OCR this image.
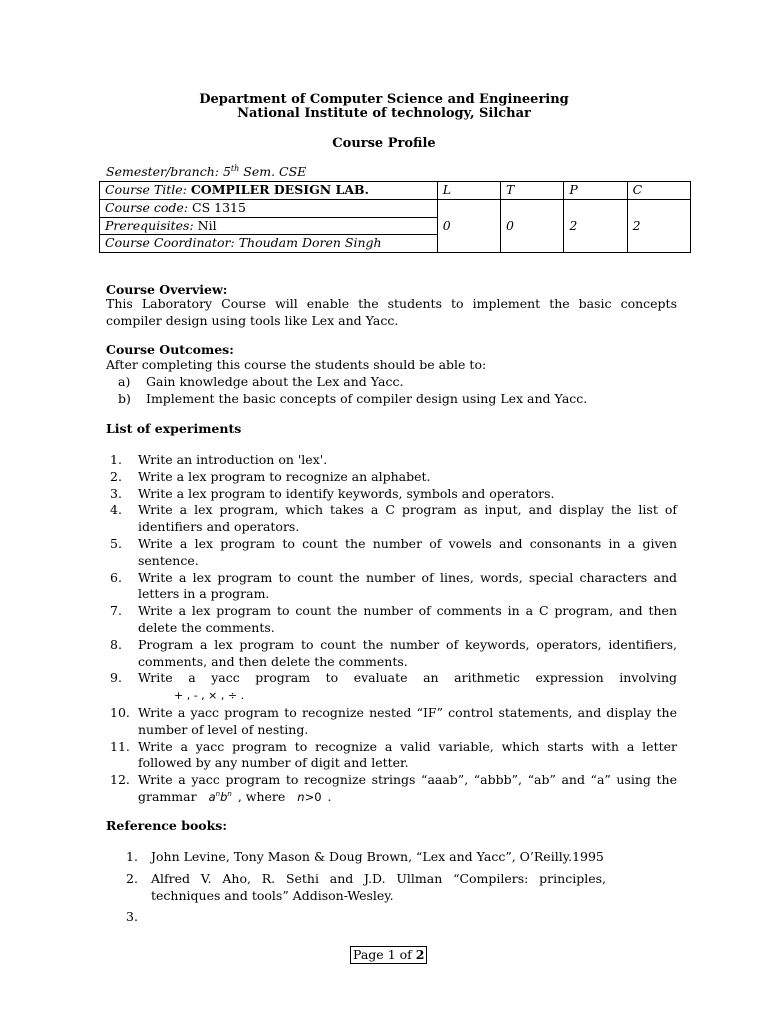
Department of Computer Science and Engineering
National Institute of technology, Silchar
Course Profile
Semester/branch: 5th Sem. CSE
Course Title: COMPILER DESIGN LAB.	L	T	P	C
Course code: CS 1315	0	0	2	2
Prerequisites: Nil				
Course Coordinator: Thoudam Doren Singh				
Course Overview:
This Laboratory Course will enable the students to implement the basic concepts compiler design using tools like Lex and Yacc.
Course Outcomes:
After completing this course the students should be able to:
a) Gain knowledge about the Lex and Yacc.
b) Implement the basic concepts of compiler design using Lex and Yacc.
List of experiments
1.	Write an introduction on 'lex'.
2.	Write a lex program to recognize an alphabet.
3.	Write a lex program to identify keywords, symbols and operators.
4.	Write a lex program, which takes a C program as input, and display the list of identifiers and operators.
5.	Write a lex program to count the number of vowels and consonants in a given sentence.
6.	Write a lex program to count the number of lines, words, special characters and letters in a program.
7.	Write a lex program to count the number of comments in a C program, and then delete the comments.
8.	Program a lex program to count the number of keywords, operators, identifiers, comments, and then delete the comments.
9.	Write a yacc program to evaluate an arithmetic expression involving+ , - , × , ÷ .
10. Write a yacc program to recognize nested “IF” control statements, and display the number of level of nesting.
11. Write a yacc program to recognize a valid variable, which starts with a letter followed by any number of digit and letter.
12. Write a yacc program to recognize strings “aaab”, “abbb”, “ab” and “a” using the grammar $a^nb^n$ , where n>0 .
Reference books:
1. John Levine, Tony Mason & Doug Brown, “Lex and Yacc”, O’Reilly.1995
2. Alfred V. Aho, R. Sethi and J.D. Ullman “Compilers: principles, techniques and tools” Addison-Wesley.
3.
Page 1 of 2
